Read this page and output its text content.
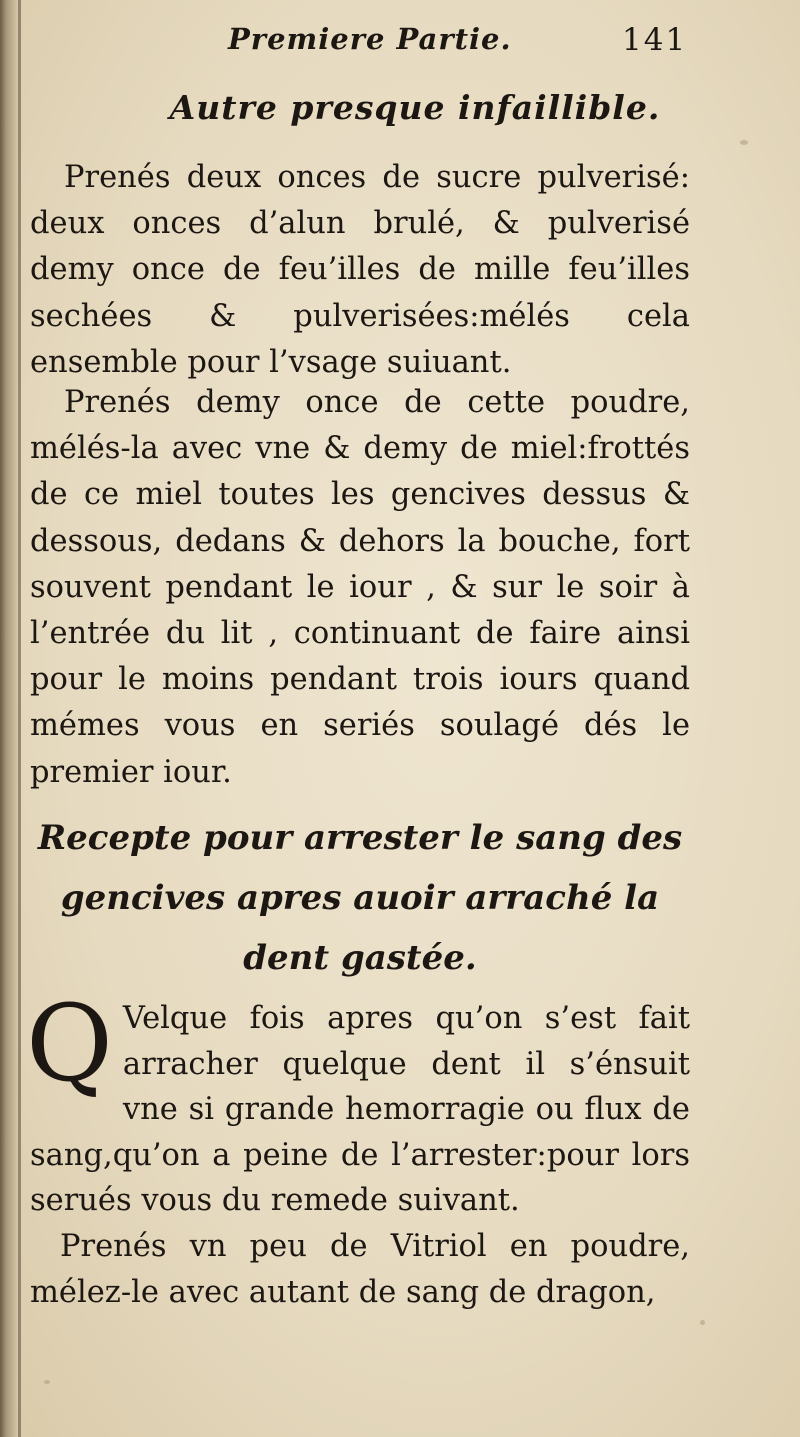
Premiere Partie.	141
Autre presque infaillible.

Prenés deux onces de sucre pulverisé: deux onces d’alun brulé, & pulverisé demy once de feu’illes de mille feu’illes sechées & pulverisées:mélés cela ensemble pour l’vsage suiuant.

Prenés demy once de cette poudre, mélés-la avec vne & demy de miel:frottés de ce miel toutes les gencives dessus & dessous, dedans & dehors la bouche, fort souvent pendant le iour , & sur le soir à l’entrée du lit , continuant de faire ainsi pour le moins pendant trois iours quand mémes vous en seriés soulagé dés le premier iour.

Recepte pour arrester le sang des gencives apres auoir arraché la dent gastée.

Q Velque fois apres qu’on s’est fait arracher quelque dent il s’énsuit vne si grande hemorragie ou flux de sang,qu’on a peine de l’arrester:pour lors serués vous du remede suivant.

Prenés vn peu de Vitriol en poudre, mélez-le avec autant de sang de dragon,
